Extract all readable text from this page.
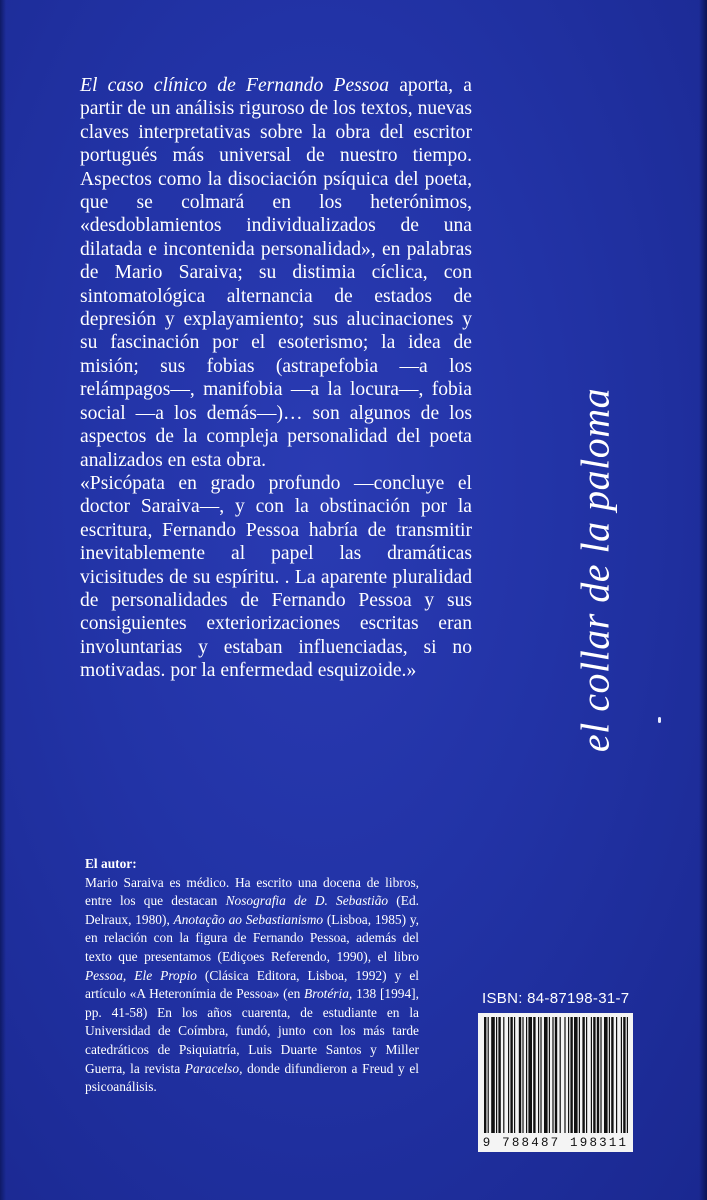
El caso clínico de Fernando Pessoa aporta, a partir de un análisis riguroso de los textos, nuevas claves interpretativas sobre la obra del escritor portugués más universal de nuestro tiempo. Aspectos como la disociación psíquica del poeta, que se colmará en los heterónimos, «desdoblamientos individualizados de una dilatada e incontenida personalidad», en palabras de Mario Saraiva; su distimia cíclica, con sintomatológica alternancia de estados de depresión y explayamiento; sus alucinaciones y su fascinación por el esoterismo; la idea de misión; sus fobias (astrapefobia —a los relámpagos—, manifobia —a la locura—, fobia social —a los demás—)… son algunos de los aspectos de la compleja personalidad del poeta analizados en esta obra.

«Psicópata en grado profundo —concluye el doctor Saraiva—, y con la obstinación por la escritura, Fernando Pessoa habría de transmitir inevitablemente al papel las dramáticas vicisitudes de su espíritu. . La aparente pluralidad de personalidades de Fernando Pessoa y sus consiguientes exteriorizaciones escritas eran involuntarias y estaban influenciadas, si no motivadas. por la enfermedad esquizoide.»

El autor:

Mario Saraiva es médico. Ha escrito una docena de libros, entre los que destacan Nosografia de D. Sebastião (Ed. Delraux, 1980), Anotação ao Sebastianismo (Lisboa, 1985) y, en relación con la figura de Fernando Pessoa, además del texto que presentamos (Ediçoes Referendo, 1990), el libro Pessoa, Ele Propio (Clásica Editora, Lisboa, 1992) y el artículo «A Heteronímia de Pessoa» (en Brotéria, 138 [1994], pp. 41-58) En los años cuarenta, de estudiante en la Universidad de Coímbra, fundó, junto con los más tarde catedráticos de Psiquiatría, Luis Duarte Santos y Miller Guerra, la revista Paracelso, donde difundieron a Freud y el psicoanálisis.

el collar de la paloma
ISBN: 84-87198-31-7
9 788487 198311
